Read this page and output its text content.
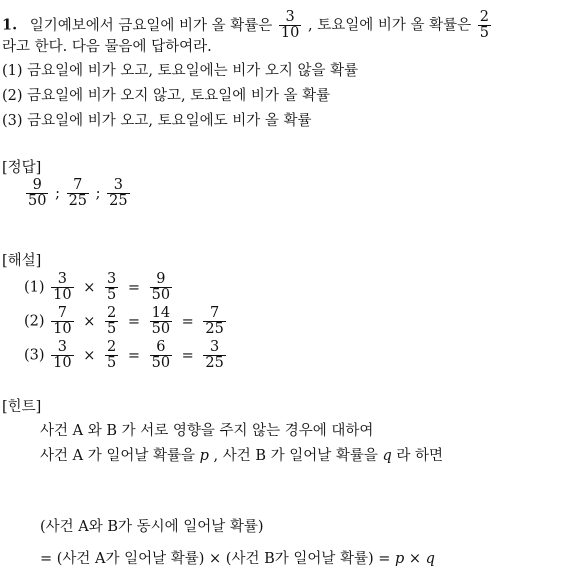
1. 일기예보에서 금요일에 비가 올 확률은 $\frac{3}{10}$ , 토요일에 비가 올 확률은 $\frac{2}{5}$
라고 한다. 다음 물음에 답하여라.
(1) 금요일에 비가 오고, 토요일에는 비가 오지 않을 확률
(2) 금요일에 비가 오지 않고, 토요일에 비가 올 확률
(3) 금요일에 비가 오고, 토요일에도 비가 올 확률
[정답]
$\frac{9}{50}$ ; $\frac{7}{25}$ ; $\frac{3}{25}$
[해설]
$(1) \frac{3}{10} \times \frac{3}{5} = \frac{9}{50}$
$(2) \frac{7}{10} \times \frac{2}{5} = \frac{14}{50} = \frac{7}{25}$
$(3) \frac{3}{10} \times \frac{2}{5} = \frac{6}{50} = \frac{3}{25}$
[힌트]
사건 A 와 B 가 서로 영향을 주지 않는 경우에 대하여
사건 A 가 일어날 확률을 p , 사건 B 가 일어날 확률을 q 라 하면
(사건 A와 B가 동시에 일어날 확률)
= (사건 A가 일어날 확률) × (사건 B가 일어날 확률) = p × q
